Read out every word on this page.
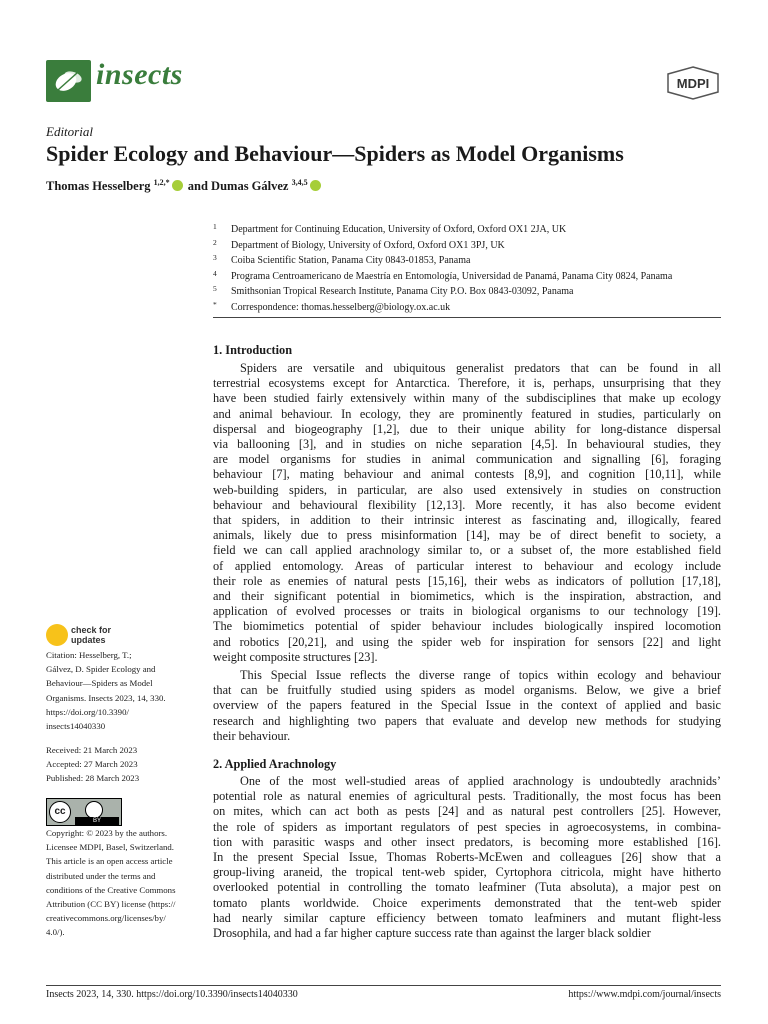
insects	MDPI
Editorial
Spider Ecology and Behaviour—Spiders as Model Organisms
Thomas Hesselberg $^{1,2,*}$ and Dumas Gálvez $^{3,4,5}$
1 Department for Continuing Education, University of Oxford, Oxford OX1 2JA, UK
2 Department of Biology, University of Oxford, Oxford OX1 3PJ, UK
3 Coiba Scientific Station, Panama City 0843-01853, Panama
4 Programa Centroamericano de Maestría en Entomología, Universidad de Panamá, Panama City 0824, Panama
5 Smithsonian Tropical Research Institute, Panama City P.O. Box 0843-03092, Panama
* Correspondence: thomas.hesselberg@biology.ox.ac.uk
1. Introduction
Spiders are versatile and ubiquitous generalist predators that can be found in all
terrestrial ecosystems except for Antarctica. Therefore, it is, perhaps, unsurprising that they
have been studied fairly extensively within many of the subdisciplines that make up ecology
and animal behaviour. In ecology, they are prominently featured in studies, particularly on
dispersal and biogeography [1,2], due to their unique ability for long-distance dispersal
via ballooning [3], and in studies on niche separation [4,5]. In behavioural studies, they
are model organisms for studies in animal communication and signalling [6], foraging
behaviour [7], mating behaviour and animal contests [8,9], and cognition [10,11], while
web-building spiders, in particular, are also used extensively in studies on construction
behaviour and behavioural flexibility [12,13]. More recently, it has also become evident
that spiders, in addition to their intrinsic interest as fascinating and, illogically, feared
animals, likely due to press misinformation [14], may be of direct benefit to society, a
field we can call applied arachnology similar to, or a subset of, the more established field
of applied entomology. Areas of particular interest to behaviour and ecology include
their role as enemies of natural pests [15,16], their webs as indicators of pollution [17,18],
and their significant potential in biomimetics, which is the inspiration, abstraction, and
application of evolved processes or traits in biological organisms to our technology [19].
The biomimetics potential of spider behaviour includes biologically inspired locomotion
and robotics [20,21], and using the spider web for inspiration for sensors [22] and light
weight composite structures [23].
This Special Issue reflects the diverse range of topics within ecology and behaviour
that can be fruitfully studied using spiders as model organisms. Below, we give a brief
overview of the papers featured in the Special Issue in the context of applied and basic
research and highlighting two papers that evaluate and develop new methods for studying
their behaviour.
2. Applied Arachnology
One of the most well-studied areas of applied arachnology is undoubtedly arachnids’
potential role as natural enemies of agricultural pests. Traditionally, the most focus has been
on mites, which can act both as pests [24] and as natural pest controllers [25]. However,
the role of spiders as important regulators of pest species in agroecosystems, in combina-
tion with parasitic wasps and other insect predators, is becoming more established [16].
In the present Special Issue, Thomas Roberts-McEwen and colleagues [26] show that a
group-living araneid, the tropical tent-web spider, Cyrtophora citricola, might have hitherto
overlooked potential in controlling the tomato leafminer (Tuta absoluta), a major pest on
tomato plants worldwide. Choice experiments demonstrated that the tent-web spider
had nearly similar capture efficiency between tomato leafminers and mutant flight-less
Drosophila, and had a far higher capture success rate than against the larger black soldier
check for
updates
Citation: Hesselberg, T.;
Gálvez, D. Spider Ecology and
Behaviour—Spiders as Model
Organisms. Insects 2023, 14, 330.
https://doi.org/10.3390/
insects14040330
Received: 21 March 2023
Accepted: 27 March 2023
Published: 28 March 2023
cc
BY
Copyright: © 2023 by the authors.
Licensee MDPI, Basel, Switzerland.
This article is an open access article
distributed under the terms and
conditions of the Creative Commons
Attribution (CC BY) license (https://
creativecommons.org/licenses/by/
4.0/).
Insects 2023, 14, 330. https://doi.org/10.3390/insects14040330	https://www.mdpi.com/journal/insects
